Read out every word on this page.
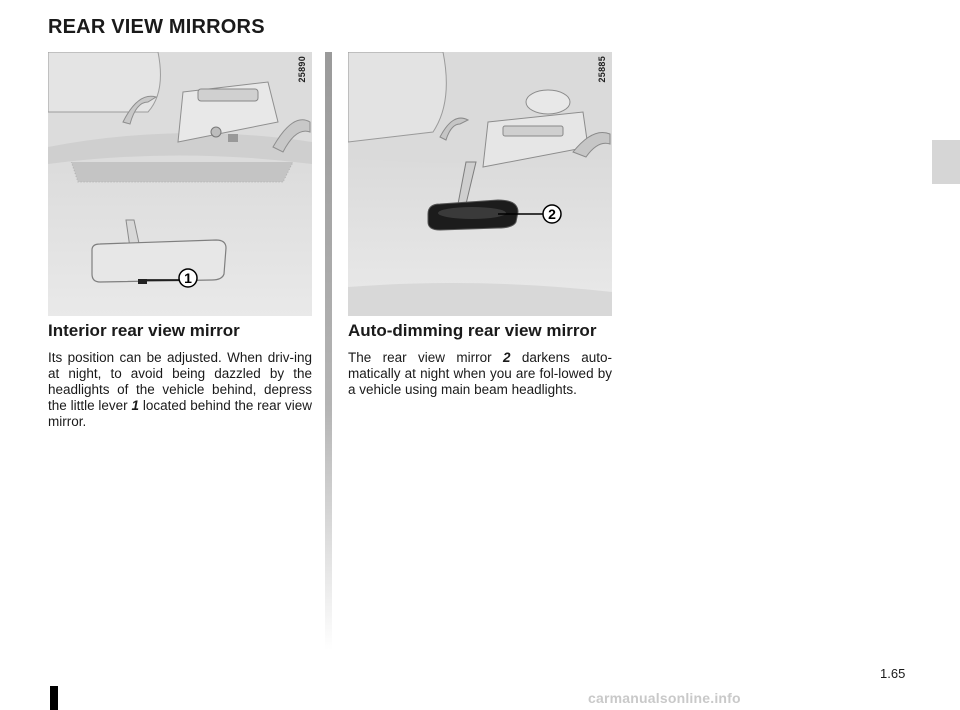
REAR VIEW MIRRORS
1
25890
2
25885
Interior rear view mirror

Its position can be adjusted. When driv-ing at night, to avoid being dazzled by the headlights of the vehicle behind, depress the little lever 1 located behind the rear view mirror.

Auto-dimming rear view mirror

The rear view mirror 2 darkens auto-matically at night when you are fol-lowed by a vehicle using main beam headlights.

1.65
carmanualsonline.info
